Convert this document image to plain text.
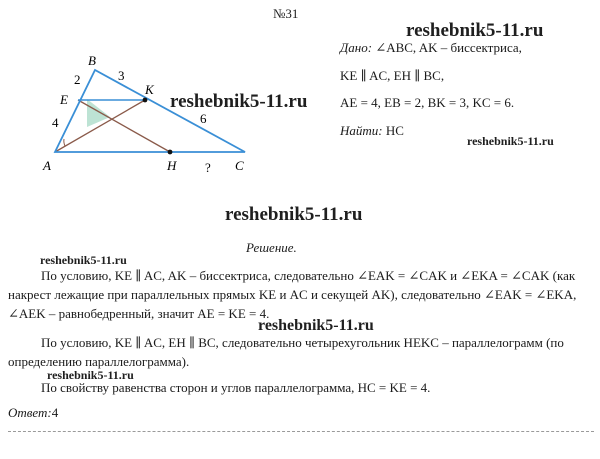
№31
reshebnik5-11.ru
B
A	C
E
K
H
2	3
4	6
?
reshebnik5-11.ru
Дано: ∠ABC, AK – биссектриса,
KE ∥ AC, EH ∥ BC,
AE = 4, EB = 2, BK = 3, KC = 6.
Найти: HC
reshebnik5-11.ru
reshebnik5-11.ru
Решение.
reshebnik5-11.ru
По условию, KE ∥ AC, AK – биссектриса, следовательно ∠EAK = ∠CAK и ∠EKA = ∠CAK (как накрест лежащие при параллельных прямых KE и AC и секущей AK), следовательно ∠EAK = ∠EKA, ∠AEK – равнобедренный, значит AE = KE = 4.
reshebnik5-11.ru
По условию, KE ∥ AC, EH ∥ BC, следовательно четырехугольник HEKC – параллелограмм (по определению параллелограмма).
reshebnik5-11.ru
По свойству равенства сторон и углов параллелограмма, HC = KE = 4.
Ответ:4
